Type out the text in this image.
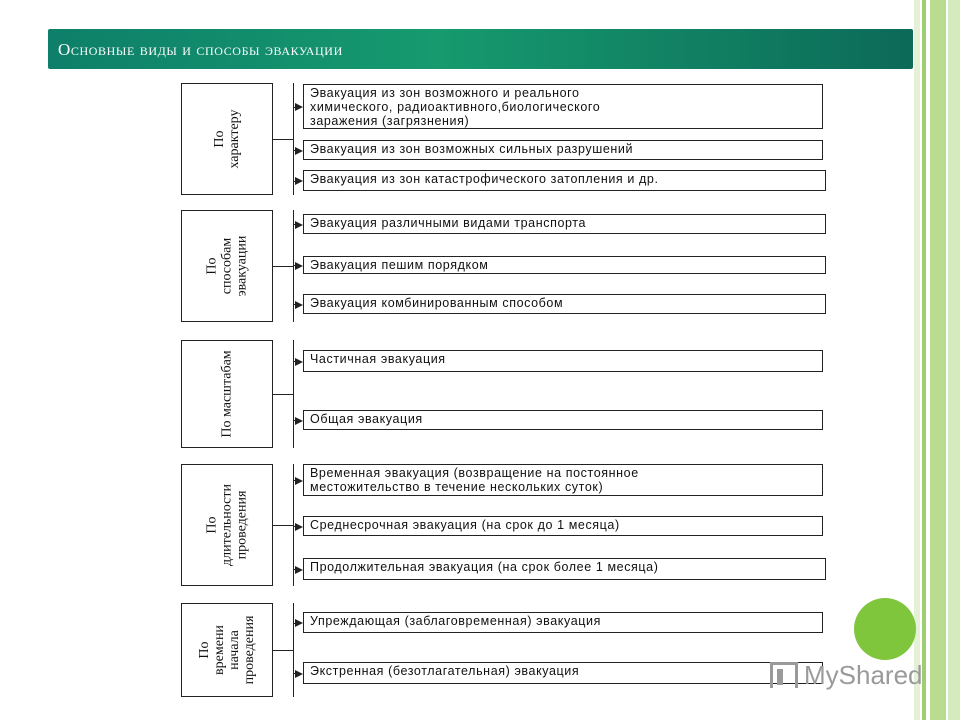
Основные виды и способы эвакуации
По характеру
Эвакуация из зон возможного и реального
химического, радиоактивного,биологического
заражения (загрязнения)
Эвакуация из зон возможных сильных разрушений
Эвакуация из зон катастрофического затопления и др.
По способам эвакуации
Эвакуация различными видами транспорта
Эвакуация пешим порядком
Эвакуация комбинированным способом
По масштабам	Частичная эвакуация
Общая эвакуация
По длительности проведения
Временная эвакуация (возвращение на постоянное
местожительство в течение нескольких суток)
Среднесрочная эвакуация (на срок до 1 месяца)
Продолжительная эвакуация (на срок более 1 месяца)
По времени начала проведения	Упреждающая (заблаговременная) эвакуация
Экстренная (безотлагательная) эвакуация	MyShared
